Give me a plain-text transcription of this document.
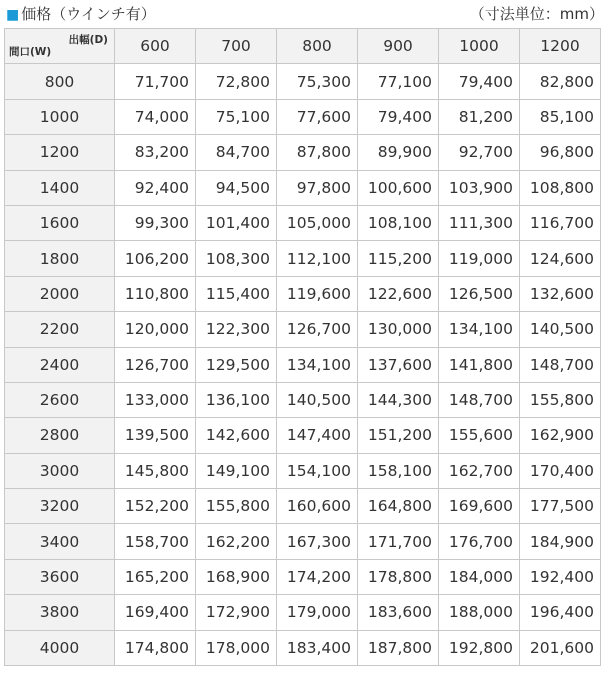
■ 価格（ウインチ有）	（寸法単位：mm）
出幅(D)
間口(W)	600	700	800	900	1000	1200
800	71,700	72,800	75,300	77,100	79,400	82,800
1000	74,000	75,100	77,600	79,400	81,200	85,100
1200	83,200	84,700	87,800	89,900	92,700	96,800
1400	92,400	94,500	97,800	100,600	103,900	108,800
1600	99,300	101,400	105,000	108,100	111,300	116,700
1800	106,200	108,300	112,100	115,200	119,000	124,600
2000	110,800	115,400	119,600	122,600	126,500	132,600
2200	120,000	122,300	126,700	130,000	134,100	140,500
2400	126,700	129,500	134,100	137,600	141,800	148,700
2600	133,000	136,100	140,500	144,300	148,700	155,800
2800	139,500	142,600	147,400	151,200	155,600	162,900
3000	145,800	149,100	154,100	158,100	162,700	170,400
3200	152,200	155,800	160,600	164,800	169,600	177,500
3400	158,700	162,200	167,300	171,700	176,700	184,900
3600	165,200	168,900	174,200	178,800	184,000	192,400
3800	169,400	172,900	179,000	183,600	188,000	196,400
4000	174,800	178,000	183,400	187,800	192,800	201,600
